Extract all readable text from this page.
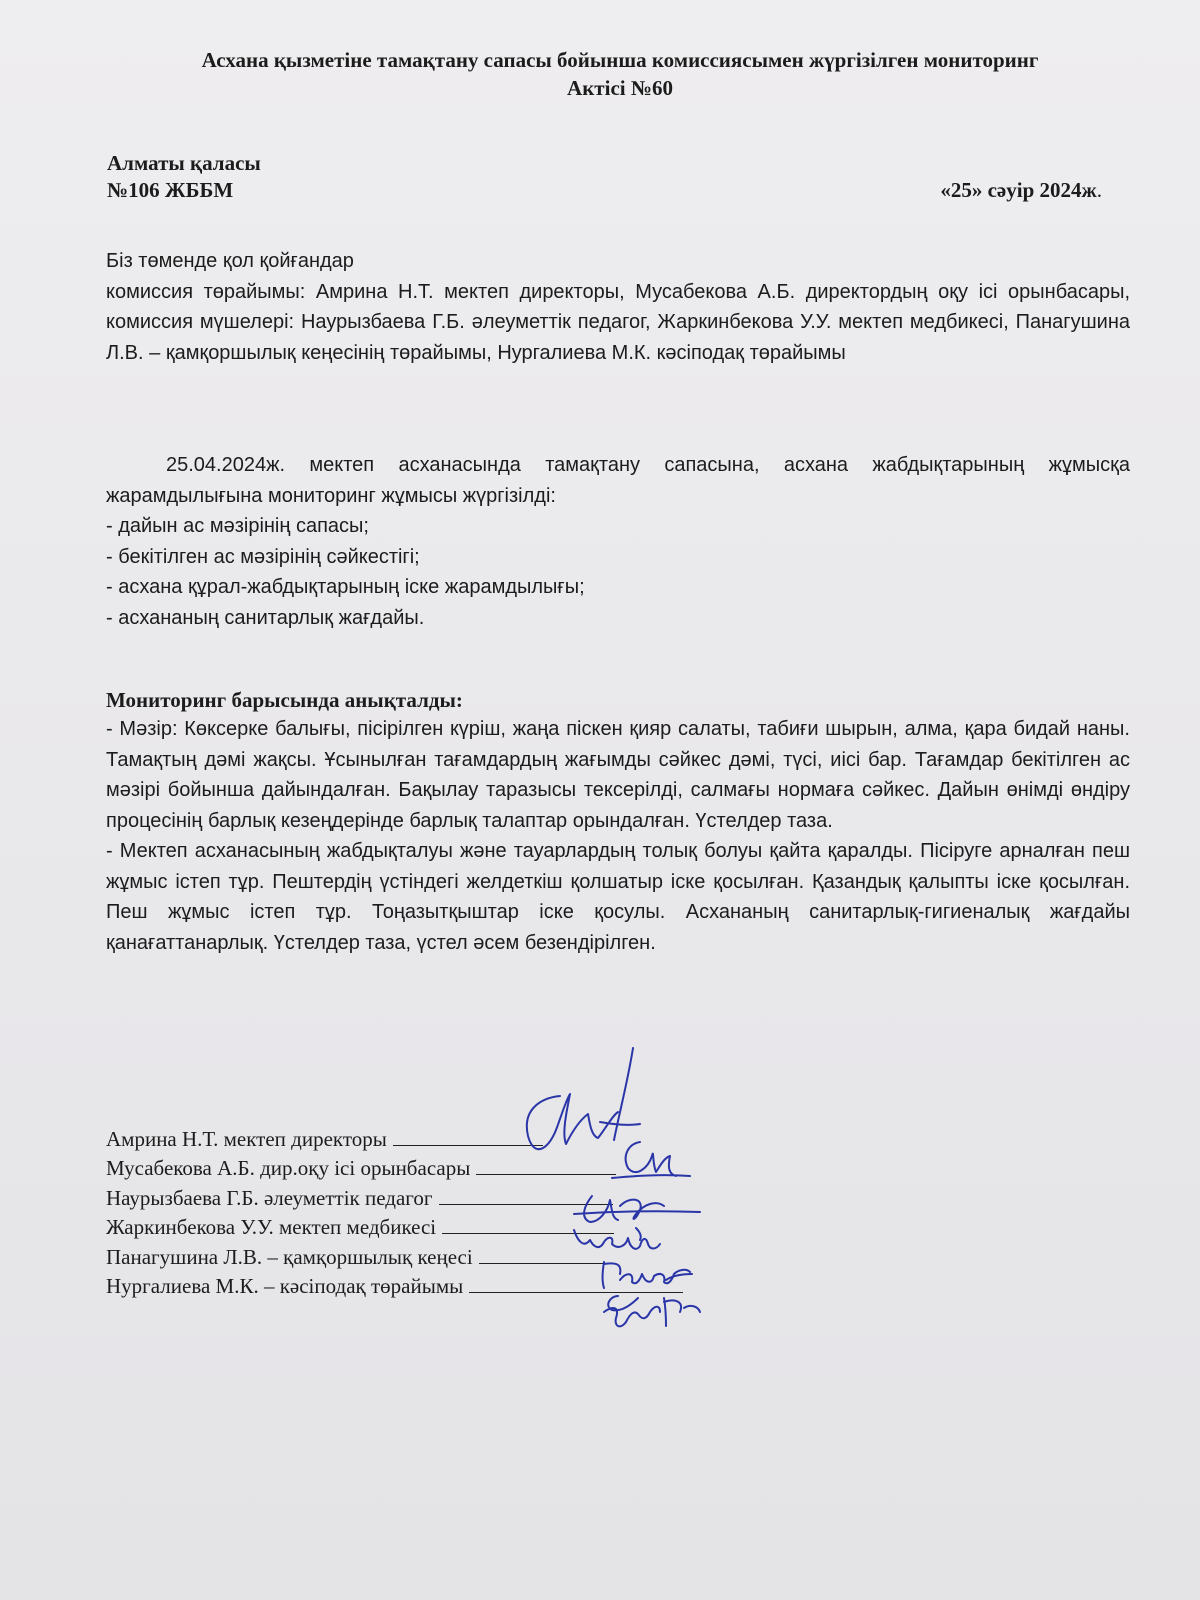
Асхана қызметіне тамақтану сапасы бойынша комиссиясымен жүргізілген мониторинг
Актісі №60
Алматы қаласы
№106 ЖББМ	«25» сәуір 2024ж.

Біз төменде қол қойғандар

комиссия төрайымы: Амрина Н.Т. мектеп директоры, Мусабекова А.Б. директордың оқу ісі орынбасары, комиссия мүшелері: Наурызбаева Г.Б. әлеуметтік педагог, Жаркинбекова У.У. мектеп медбикесі, Панагушина Л.В. – қамқоршылық кеңесінің төрайымы, Нургалиева М.К. кәсіподақ төрайымы

25.04.2024ж. мектеп асханасында тамақтану сапасына, асхана жабдықтарының жұмысқа жарамдылығына мониторинг жұмысы жүргізілді:

- дайын ас мәзірінің сапасы;
- бекітілген ас мәзірінің сәйкестігі;
- асхана құрал-жабдықтарының іске жарамдылығы;
- асхананың санитарлық жағдайы.
Мониторинг барысында анықталды:

- Мәзір: Көксерке балығы, пісірілген күріш, жаңа піскен қияр салаты, табиғи шырын, алма, қара бидай наны. Тамақтың дәмі жақсы. Ұсынылған тағамдардың жағымды сәйкес дәмі, түсі, иісі бар. Тағамдар бекітілген ас мәзірі бойынша дайындалған. Бақылау таразысы тексерілді, салмағы нормаға сәйкес. Дайын өнімді өндіру процесінің барлық кезеңдерінде барлық талаптар орындалған. Үстелдер таза.

- Мектеп асханасының жабдықталуы және тауарлардың толық болуы қайта қаралды. Пісіруге арналған пеш жұмыс істеп тұр. Пештердің үстіндегі желдеткіш қолшатыр іске қосылған. Қазандық қалыпты іске қосылған. Пеш жұмыс істеп тұр. Тоңазытқыштар іске қосулы. Асхананың санитарлық-гигиеналық жағдайы қанағаттанарлық. Үстелдер таза, үстел әсем безендірілген.

Амрина Н.Т. мектеп директоры
Мусабекова А.Б. дир.оқу ісі орынбасары
Наурызбаева Г.Б. әлеуметтік педагог
Жаркинбекова У.У. мектеп медбикесі
Панагушина Л.В. – қамқоршылық кеңесі
Нургалиева М.К. – кәсіподақ төрайымы
